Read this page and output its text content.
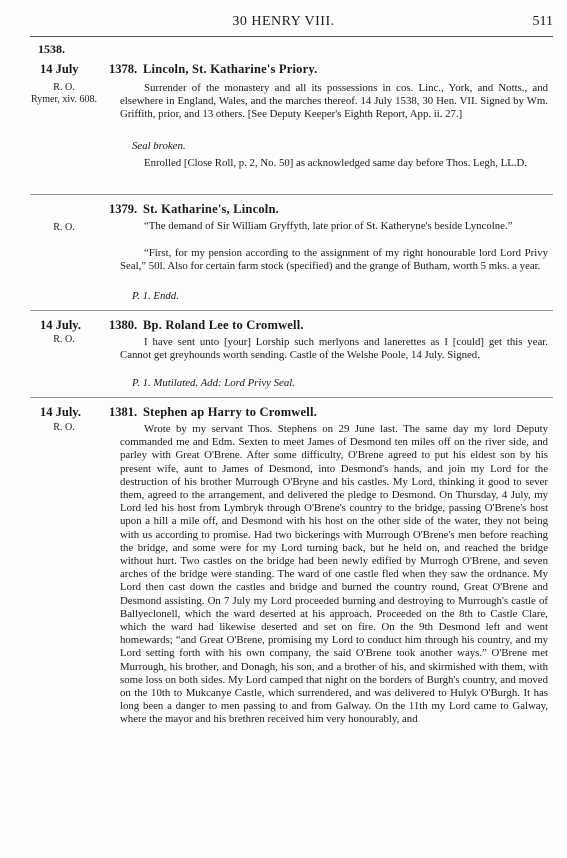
30 HENRY VIII.	511
1538.
14 July 1378. Lincoln, St. Katharine's Priory.
R. O.
Rymer, xiv. 608.
Surrender of the monastery and all its possessions in cos. Linc., York, and Notts., and elsewhere in England, Wales, and the marches thereof. 14 July 1538, 30 Hen. VII. Signed by Wm. Griffith, prior, and 13 others. [See Deputy Keeper's Eighth Report, App. ii. 27.]
Seal broken.
Enrolled [Close Roll, p. 2, No. 50] as acknowledged same day before Thos. Legh, LL.D.
1379. St. Katharine's, Lincoln.
R. O.	“The demand of Sir William Gryffyth, late prior of St. Katheryne's beside Lyncolne.”
“First, for my pension according to the assignment of my right honourable lord Lord Privy Seal,” 50l. Also for certain farm stock (specified) and the grange of Butham, worth 5 mks. a year.
P. 1. Endd.
14 July. 1380. Bp. Roland Lee to Cromwell.
R. O.	I have sent unto [your] Lorship such merlyons and lanerettes as I [could] get this year. Cannot get greyhounds worth sending. Castle of the Welshe Poole, 14 July. Signed.
P. 1. Mutilated. Add: Lord Privy Seal.
14 July. 1381. Stephen ap Harry to Cromwell.
R. O.	Wrote by my servant Thos. Stephens on 29 June last. The same day my lord Deputy commanded me and Edm. Sexten to meet James of Desmond ten miles off on the river side, and parley with Great O'Brene. After some difficulty, O'Brene agreed to put his eldest son by his present wife, aunt to James of Desmond, into Desmond's hands, and join my Lord for the destruction of his brother Murrough O'Bryne and his castles. My Lord, thinking it good to sever them, agreed to the arrangement, and delivered the pledge to Desmond. On Thursday, 4 July, my Lord led his host from Lymbryk through O'Brene's country to the bridge, passing O'Brene's host upon a hill a mile off, and Desmond with his host on the other side of the water, they not being with us according to promise. Had two bickerings with Murrough O'Brene's men before reaching the bridge, and some were for my Lord turning back, but he held on, and reached the bridge without hurt. Two castles on the bridge had been newly edified by Murrogh O'Brene, and seven arches of the bridge were standing. The ward of one castle fled when they saw the ordnance. My Lord then cast down the castles and bridge and burned the country round, Great O'Brene and Desmond assisting. On 7 July my Lord proceeded burning and destroying to Murrough's castle of Ballyeclonell, which the ward deserted at his approach. Proceeded on the 8th to Castle Clare, which the ward had likewise deserted and set on fire. On the 9th Desmond left and went homewards; “and Great O'Brene, promising my Lord to conduct him through his country, and my Lord setting forth with his own company, the said O'Brene took another ways.” O'Brene met Murrough, his brother, and Donagh, his son, and a brother of his, and skirmished with them, with some loss on both sides. My Lord camped that night on the borders of Burgh's country, and moved on the 10th to Mukcanye Castle, which surrendered, and was delivered to Hulyk O'Burgh. It has long been a danger to men passing to and from Galway. On the 11th my Lord came to Galway, where the mayor and his brethren received him very honourably, and
